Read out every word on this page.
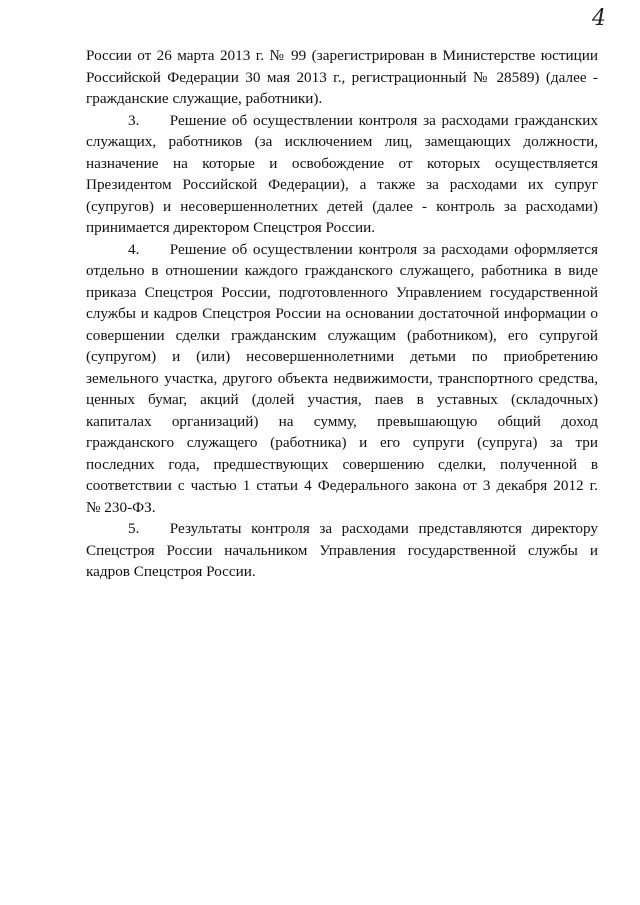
4
России от 26 марта 2013 г. № 99 (зарегистрирован в Министерстве юстиции
Российской Федерации 30 мая 2013 г., регистрационный № 28589) (далее -
гражданские служащие, работники).
3.  Решение об осуществлении контроля за расходами гражданских
служащих, работников (за исключением лиц, замещающих должности,
назначение на которые и освобождение от которых осуществляется
Президентом Российской Федерации), а также за расходами их супруг
(супругов) и несовершеннолетних детей (далее - контроль за расходами)
принимается директором Спецстроя России.
4.  Решение об осуществлении контроля за расходами оформляется
отдельно в отношении каждого гражданского служащего, работника в виде
приказа Спецстроя России, подготовленного Управлением государственной
службы и кадров Спецстроя России на основании достаточной информации о
совершении сделки гражданским служащим (работником), его супругой
(супругом) и (или) несовершеннолетними детьми по приобретению
земельного участка, другого объекта недвижимости, транспортного средства,
ценных бумаг, акций (долей участия, паев в уставных (складочных)
капиталах организаций) на сумму, превышающую общий доход
гражданского служащего (работника) и его супруги (супруга) за три
последних года, предшествующих совершению сделки, полученной в
соответствии с частью 1 статьи 4 Федерального закона от 3 декабря 2012 г.
№ 230-ФЗ.
5.  Результаты контроля за расходами представляются директору
Спецстроя России начальником Управления государственной службы и
кадров Спецстроя России.
